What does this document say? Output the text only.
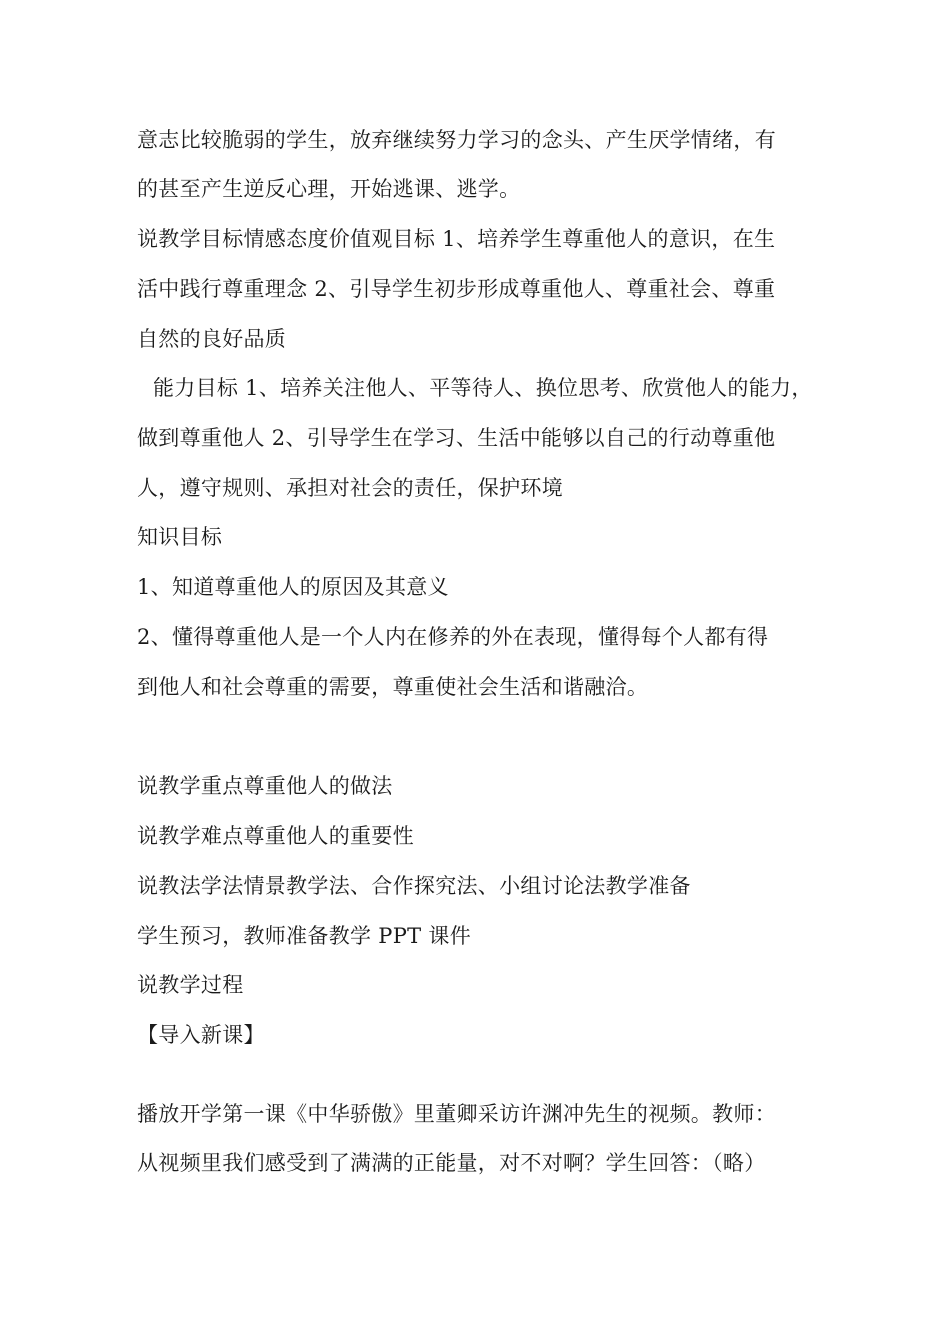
意志比较脆弱的学生，放弃继续努力学习的念头、产生厌学情绪，有
的甚至产生逆反心理，开始逃课、逃学。
说教学目标情感态度价值观目标 1、培养学生尊重他人的意识，在生
活中践行尊重理念 2、引导学生初步形成尊重他人、尊重社会、尊重
自然的良好品质
能力目标 1、培养关注他人、平等待人、换位思考、欣赏他人的能力，
做到尊重他人 2、引导学生在学习、生活中能够以自己的行动尊重他
人，遵守规则、承担对社会的责任，保护环境
知识目标
1、知道尊重他人的原因及其意义
2、懂得尊重他人是一个人内在修养的外在表现，懂得每个人都有得
到他人和社会尊重的需要，尊重使社会生活和谐融洽。
说教学重点尊重他人的做法
说教学难点尊重他人的重要性
说教法学法情景教学法、合作探究法、小组讨论法教学准备
学生预习，教师准备教学 PPT 课件
说教学过程
【导入新课】
播放开学第一课《中华骄傲》里董卿采访许渊冲先生的视频。教师：
从视频里我们感受到了满满的正能量，对不对啊？学生回答：（略）
